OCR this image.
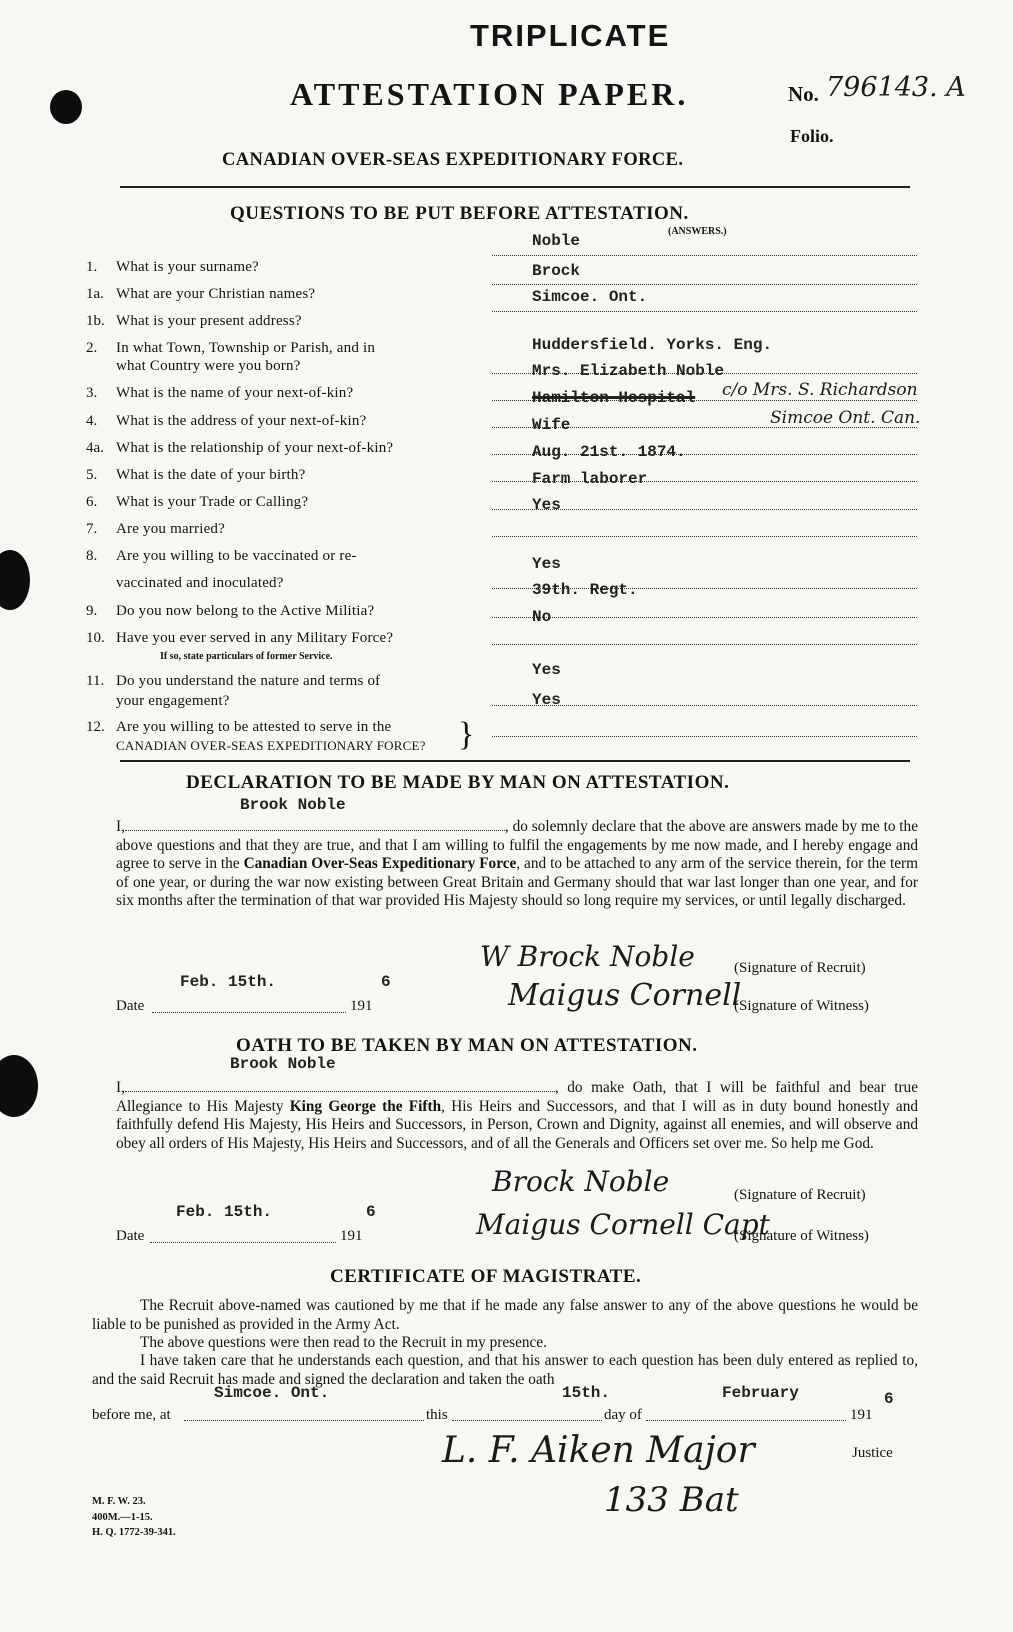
TRIPLICATE
ATTESTATION PAPER.	No. 796143. A
Folio.
CANADIAN OVER-SEAS EXPEDITIONARY FORCE.
QUESTIONS TO BE PUT BEFORE ATTESTATION.
(ANSWERS.)
1. What is your surname?
Noble
1a. What are your Christian names?
Brock
1b. What is your present address?
Simcoe. Ont.
2. In what Town, Township or Parish, and in
what Country were you born?
Huddersfield. Yorks. Eng.
3. What is the name of your next-of-kin?
Mrs. Elizabeth Noble
4. What is the address of your next-of-kin?
Hamilton Hospital c/o Mrs. S. Richardson
Simcoe Ont. Can.
4a. What is the relationship of your next-of-kin?
Wife
5. What is the date of your birth?
Aug. 21st. 1874.
6. What is your Trade or Calling?
Farm laborer
7. Are you married?
Yes
8. Are you willing to be vaccinated or re-
vaccinated and inoculated?
Yes
9. Do you now belong to the Active Militia?
39th. Regt.
10. Have you ever served in any Military Force?
If so, state particulars of former Service.
No
11. Do you understand the nature and terms of
your engagement?
Yes
12. Are you willing to be attested to serve in the
CANADIAN OVER-SEAS EXPEDITIONARY FORCE? }
Yes
DECLARATION TO BE MADE BY MAN ON ATTESTATION.
Brook Noble
I,	, do solemnly declare that the above are answers made by me to the above questions and that they are true, and that I am willing to fulfil the engagements by me now made, and I hereby engage and agree to serve in the Canadian Over-Seas Expeditionary Force, and to be attached to any arm of the service therein, for the term of one year, or during the war now existing between Great Britain and Germany should that war last longer than one year, and for six months after the termination of that war provided His Majesty should so long require my services, or until legally discharged.
W Brock Noble	(Signature of Recruit)
Feb. 15th.	6	Maigus Cornell
Date	191	(Signature of Witness)
OATH TO BE TAKEN BY MAN ON ATTESTATION.
Brook Noble
I,	, do make Oath, that I will be faithful and bear true Allegiance to His Majesty King George the Fifth, His Heirs and Successors, and that I will as in duty bound honestly and faithfully defend His Majesty, His Heirs and Successors, in Person, Crown and Dignity, against all enemies, and will observe and obey all orders of His Majesty, His Heirs and Successors, and of all the Generals and Officers set over me. So help me God.
Brock Noble	(Signature of Recruit)
Feb. 15th.	6	Maigus Cornell Capt
Date	191	(Signature of Witness)
CERTIFICATE OF MAGISTRATE.
The Recruit above-named was cautioned by me that if he made any false answer to any of the above questions he would be liable to be punished as provided in the Army Act.
The above questions were then read to the Recruit in my presence.
I have taken care that he understands each question, and that his answer to each question has been duly entered as replied to, and the said Recruit has made and signed the declaration and taken the oath
Simcoe. Ont.	15th.	February	6
before me, at	this	day of	191
L. F. Aiken Major	Justice
133 Bat
M. F. W. 23.
400M.—1-15.
H. Q. 1772-39-341.
